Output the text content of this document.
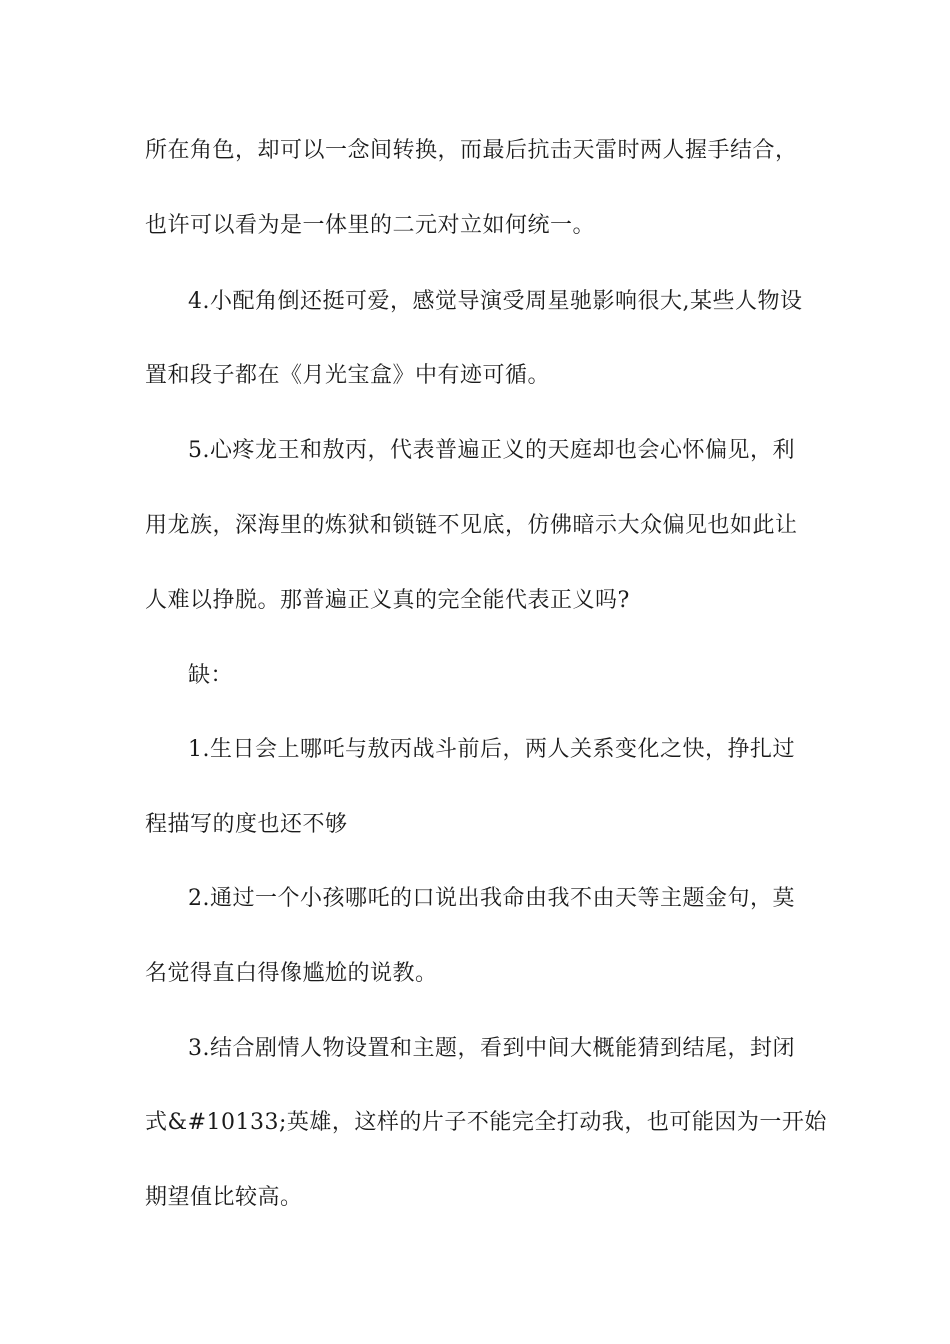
所在角色，却可以一念间转换，而最后抗击天雷时两人握手结合，
也许可以看为是一体里的二元对立如何统一。
4.小配角倒还挺可爱，感觉导演受周星驰影响很大,某些人物设
置和段子都在《月光宝盒》中有迹可循。
5.心疼龙王和敖丙，代表普遍正义的天庭却也会心怀偏见，利
用龙族，深海里的炼狱和锁链不见底，仿佛暗示大众偏见也如此让
人难以挣脱。那普遍正义真的完全能代表正义吗?
缺：
1.生日会上哪吒与敖丙战斗前后，两人关系变化之快，挣扎过
程描写的度也还不够
2.通过一个小孩哪吒的口说出我命由我不由天等主题金句，莫
名觉得直白得像尴尬的说教。
3.结合剧情人物设置和主题，看到中间大概能猜到结尾，封闭
式&#10133;英雄，这样的片子不能完全打动我，也可能因为一开始
期望值比较高。
